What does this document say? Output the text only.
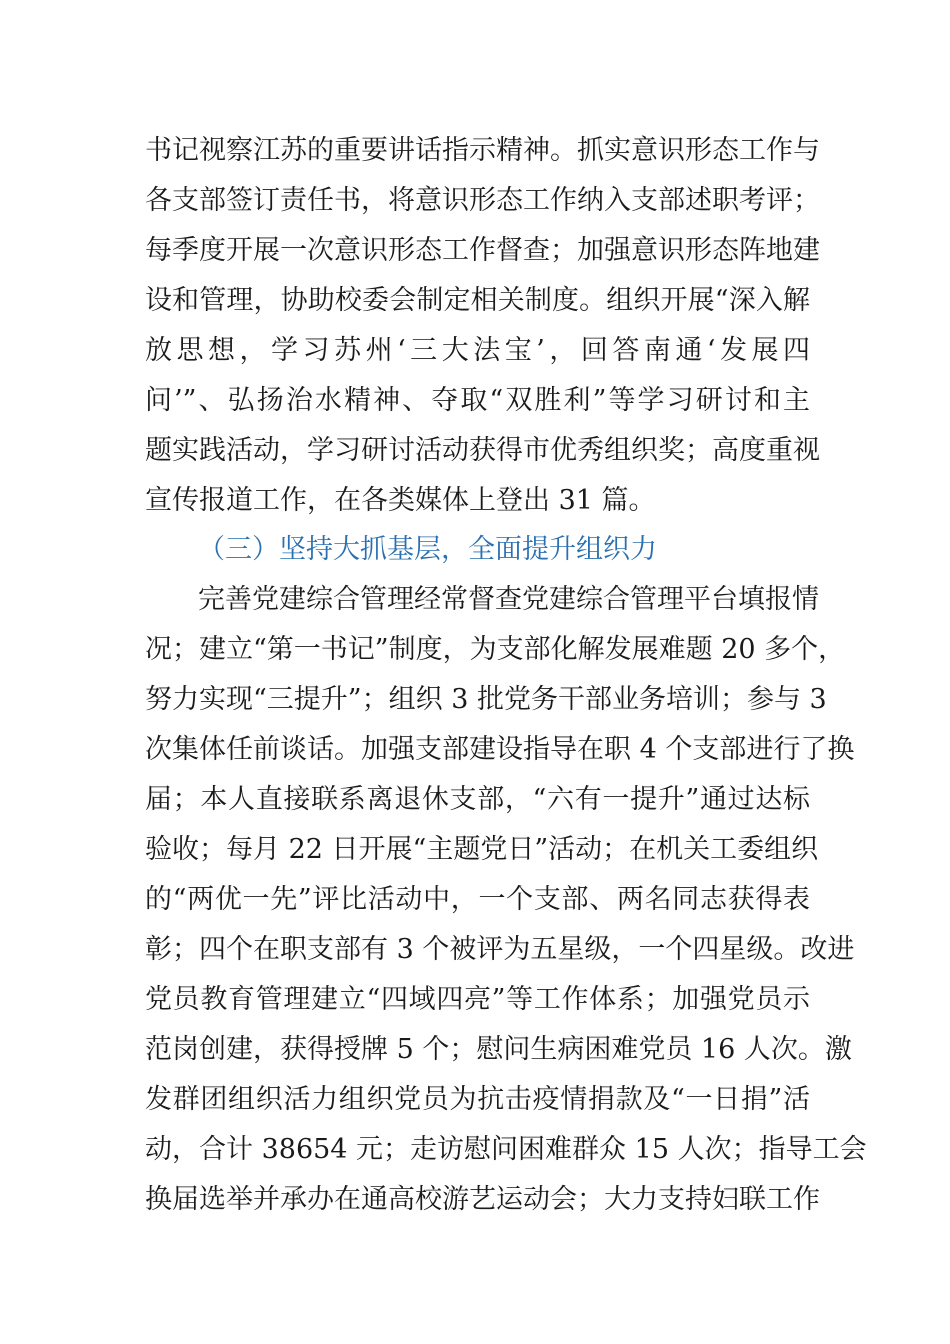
书记视察江苏的重要讲话指示精神。抓实意识形态工作与
各支部签订责任书，将意识形态工作纳入支部述职考评；
每季度开展一次意识形态工作督查；加强意识形态阵地建
设和管理，协助校委会制定相关制度。组织开展“深入解
放思想，学习苏州‘三大法宝’，回答南通‘发展四
问’”、弘扬治水精神、夺取“双胜利”等学习研讨和主
题实践活动，学习研讨活动获得市优秀组织奖；高度重视
宣传报道工作，在各类媒体上登出 31 篇。
（三）坚持大抓基层，全面提升组织力
完善党建综合管理经常督查党建综合管理平台填报情
况；建立“第一书记”制度，为支部化解发展难题 20 多个，
努力实现“三提升”；组织 3 批党务干部业务培训；参与 3
次集体任前谈话。加强支部建设指导在职 4 个支部进行了换
届；本人直接联系离退休支部，“六有一提升”通过达标
验收；每月 22 日开展“主题党日”活动；在机关工委组织
的“两优一先”评比活动中，一个支部、两名同志获得表
彰；四个在职支部有 3 个被评为五星级，一个四星级。改进
党员教育管理建立“四域四亮”等工作体系；加强党员示
范岗创建，获得授牌 5 个；慰问生病困难党员 16 人次。激
发群团组织活力组织党员为抗击疫情捐款及“一日捐”活
动，合计 38654 元；走访慰问困难群众 15 人次；指导工会
换届选举并承办在通高校游艺运动会；大力支持妇联工作
